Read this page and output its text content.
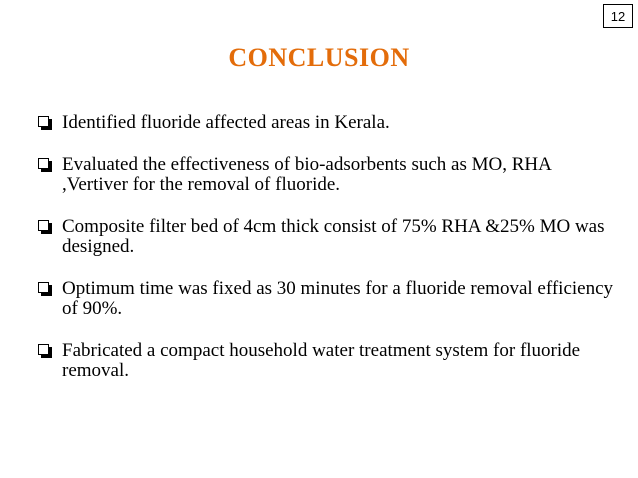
12
CONCLUSION
Identified fluoride affected areas in Kerala.
Evaluated the effectiveness of bio-adsorbents such as MO, RHA ,Vertiver for the removal of fluoride.
Composite filter bed of 4cm thick consist of 75% RHA &25% MO was designed.
Optimum time was fixed as 30 minutes for a fluoride removal efficiency of 90%.
Fabricated a compact household water treatment system for fluoride removal.
